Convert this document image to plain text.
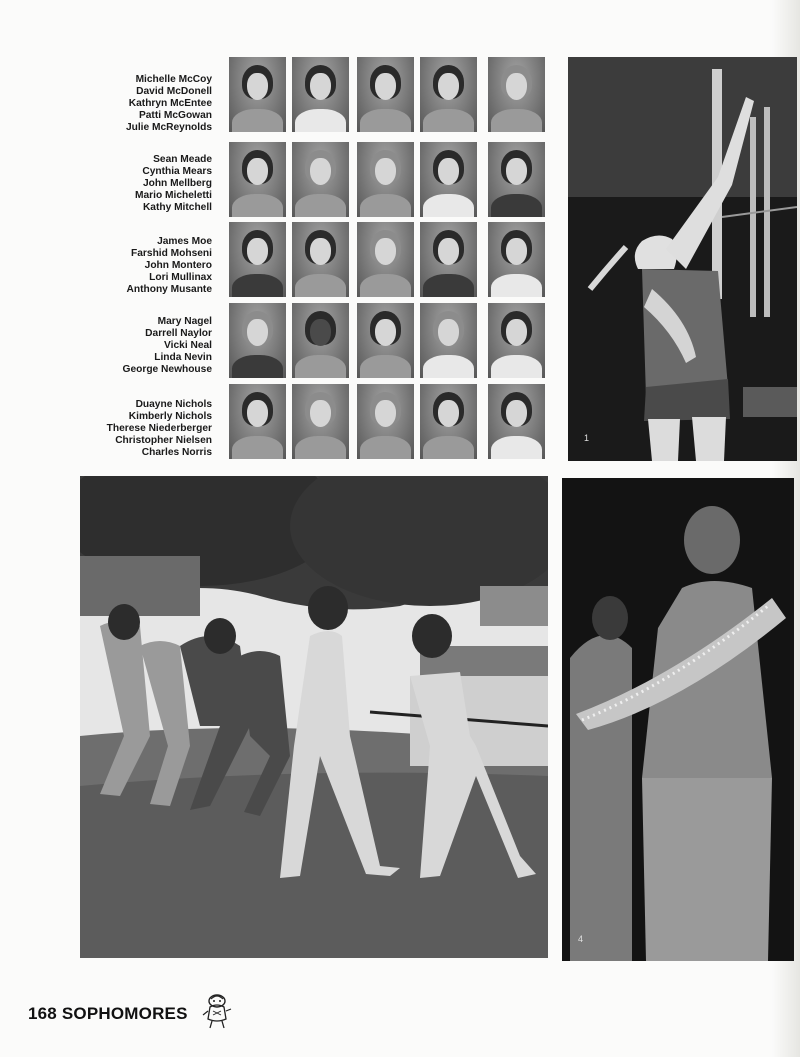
Michelle McCoy
David McDonell
Kathryn McEntee
Patti McGowan
Julie McReynolds
Sean Meade
Cynthia Mears
John Mellberg
Mario Micheletti
Kathy Mitchell
James Moe
Farshid Mohseni
John Montero
Lori Mullinax
Anthony Musante
Mary Nagel
Darrell Naylor
Vicki Neal
Linda Nevin
George Newhouse
Duayne Nichols
Kimberly Nichols
Therese Niederberger
Christopher Nielsen
Charles Norris
1
4
168 SOPHOMORES
